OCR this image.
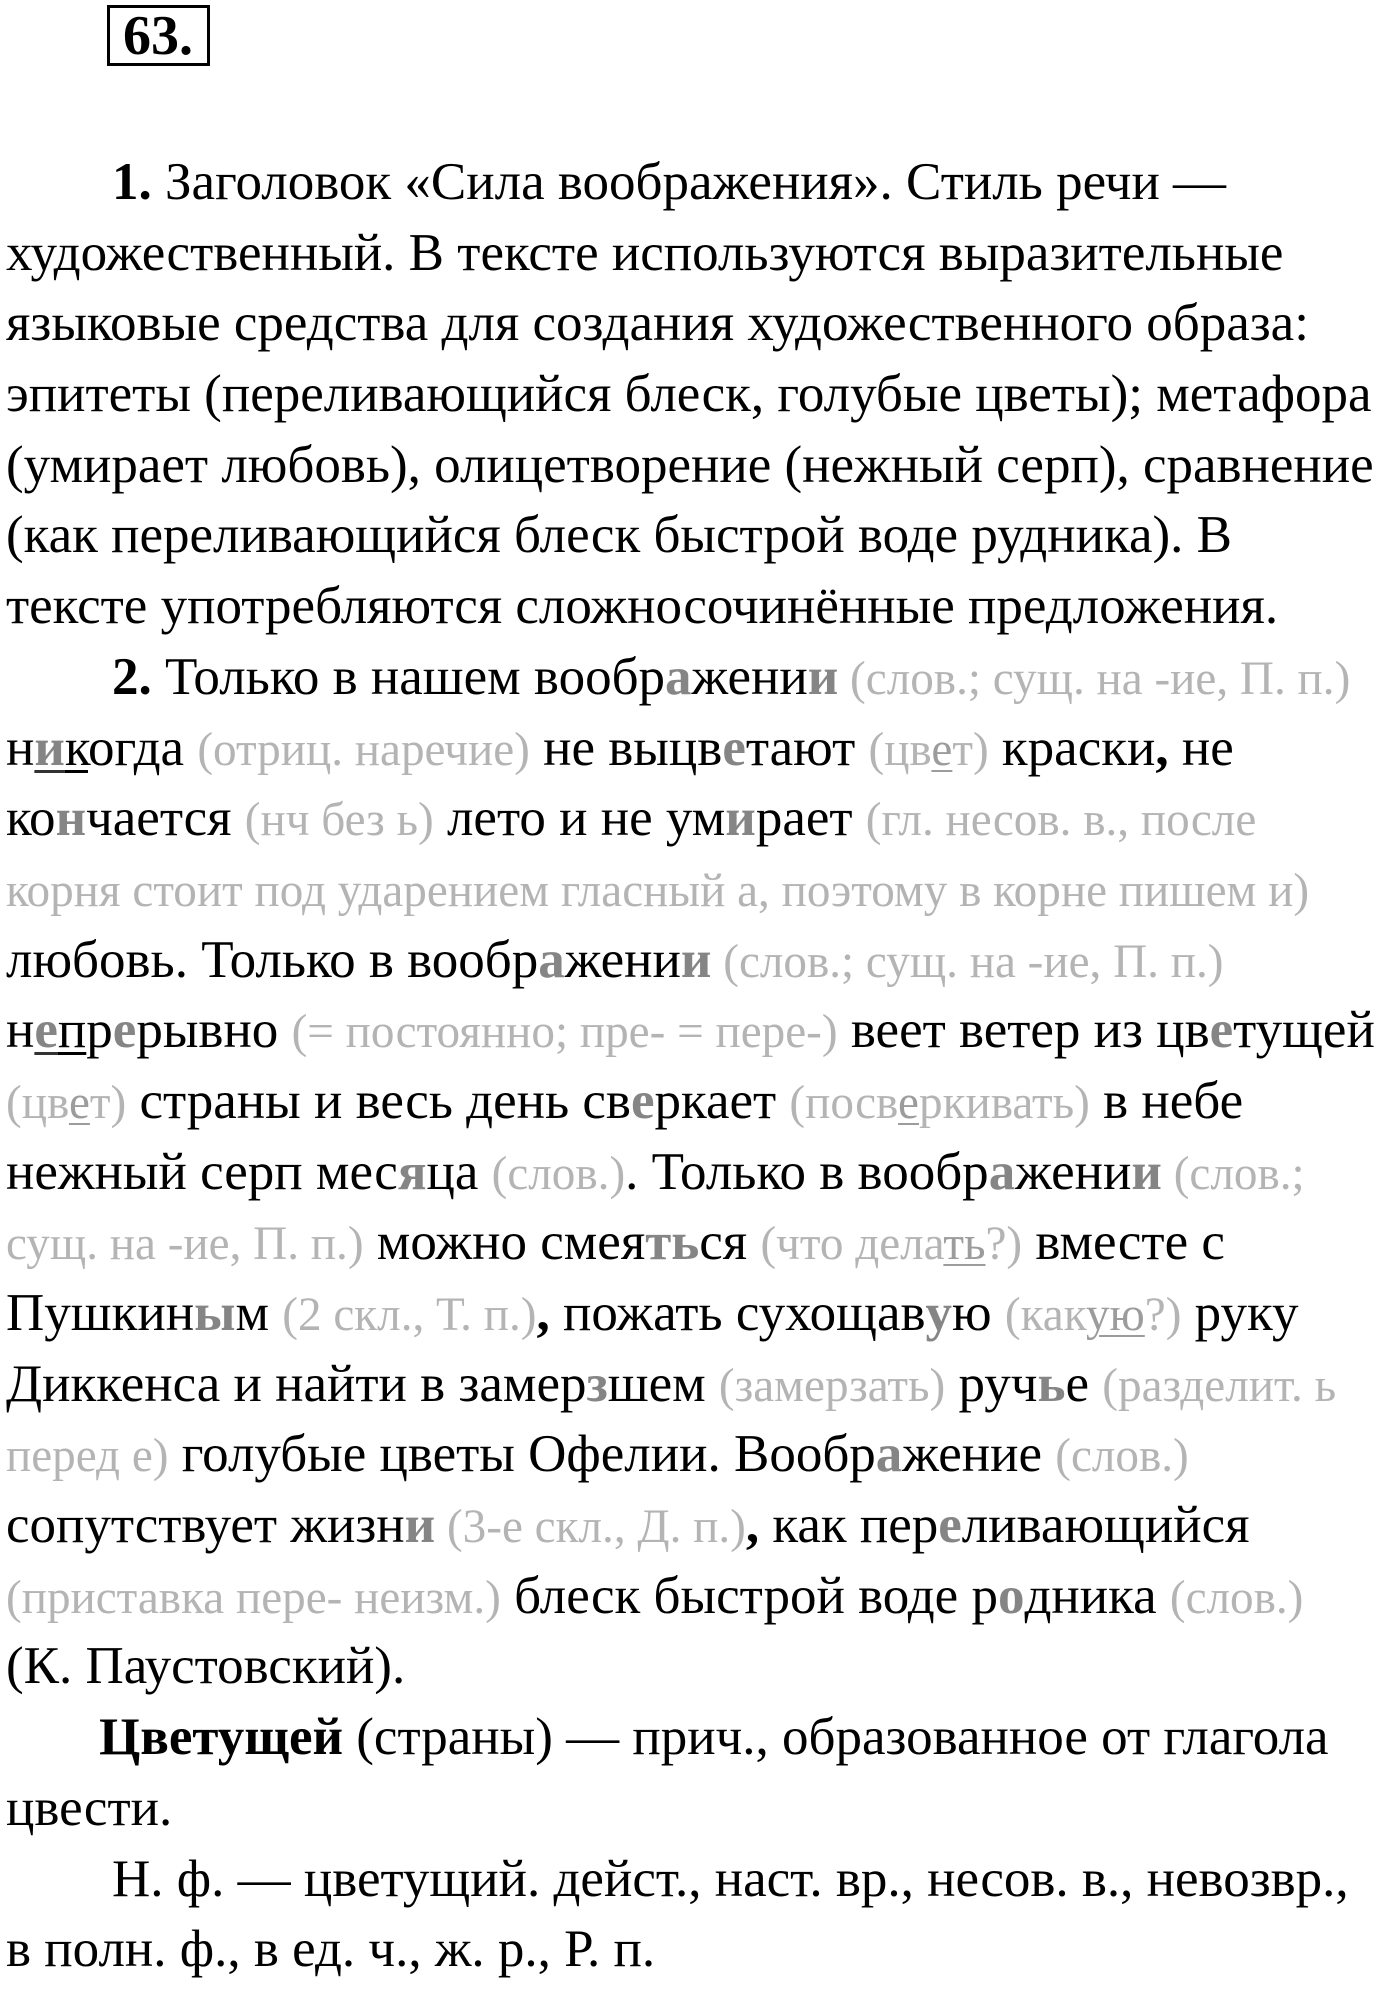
63.
1. Заголовок «Сила воображения». Стиль речи —
художественный. В тексте используются выразительные
языковые средства для создания художественного образа:
эпитеты (переливающийся блеск, голубые цветы); метафора
(умирает любовь), олицетворение (нежный серп), сравнение
(как переливающийся блеск быстрой воде рудника). В
тексте употребляются сложносочинённые предложения.
2. Только в нашем воображении (слов.; сущ. на -ие, П. п.)
никогда (отриц. наречие) не выцветают (цвет) краски, не
кончается (нч без ь) лето и не умирает (гл. несов. в., после
корня стоит под ударением гласный а, поэтому в корне пишем и)
любовь. Только в воображении (слов.; сущ. на -ие, П. п.)
непрерывно (= постоянно; пре- = пере-) веет ветер из цветущей
(цвет) страны и весь день сверкает (посверкивать) в небе
нежный серп месяца (слов.). Только в воображении (слов.;
сущ. на -ие, П. п.) можно смеяться (что делать?) вместе с
Пушкиным (2 скл., Т. п.), пожать сухощавую (какую?) руку
Диккенса и найти в замерзшем (замерзать) ручье (разделит. ь
перед е) голубые цветы Офелии. Воображение (слов.)
сопутствует жизни (3-е скл., Д. п.), как переливающийся
(приставка пере- неизм.) блеск быстрой воде родника (слов.)
(К. Паустовский).
Цветущей (страны) — прич., образованное от глагола
цвести.
Н. ф. — цветущий. дейст., наст. вр., несов. в., невозвр.,
в полн. ф., в ед. ч., ж. р., Р. п.
